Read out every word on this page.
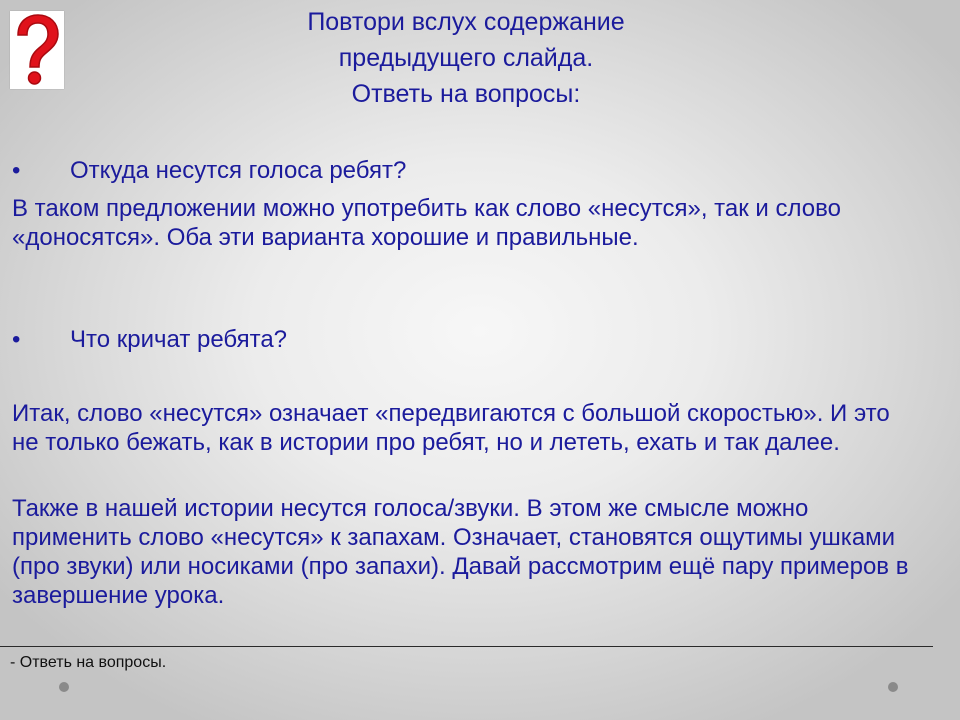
Повтори вслух содержание
предыдущего слайда.
Ответь на вопросы:
• Откуда несутся голоса ребят?
В таком предложении можно употребить как слово «несутся», так и слово «доносятся». Оба эти варианта хорошие и правильные.
• Что кричат ребята?
Итак, слово «несутся» означает «передвигаются с большой скоростью». И это не только бежать, как в истории про ребят, но и лететь, ехать и так далее.
Также в нашей истории несутся голоса/звуки. В этом же смысле можно применить слово «несутся» к запахам. Означает, становятся ощутимы ушками (про звуки) или носиками (про запахи). Давай рассмотрим ещё пару примеров в завершение урока.
- Ответь на вопросы.
